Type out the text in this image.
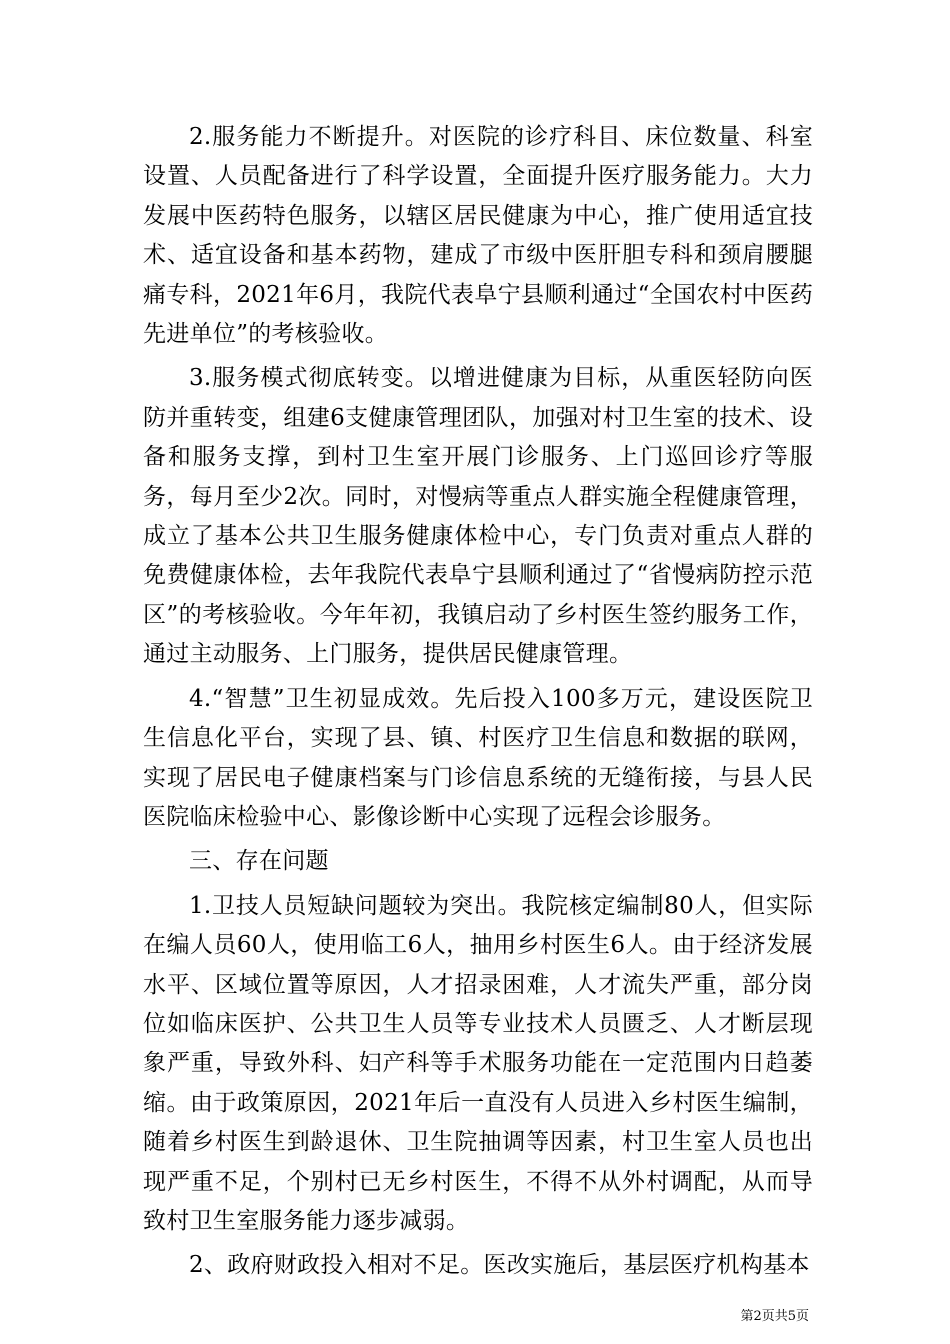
2.服务能力不断提升。对医院的诊疗科目、床位数量、科室设置、人员配备进行了科学设置，全面提升医疗服务能力。大力发展中医药特色服务，以辖区居民健康为中心，推广使用适宜技术、适宜设备和基本药物，建成了市级中医肝胆专科和颈肩腰腿痛专科，2021年6月，我院代表阜宁县顺利通过“全国农村中医药先进单位”的考核验收。

3.服务模式彻底转变。以增进健康为目标，从重医轻防向医防并重转变，组建6支健康管理团队，加强对村卫生室的技术、设备和服务支撑，到村卫生室开展门诊服务、上门巡回诊疗等服务，每月至少2次。同时，对慢病等重点人群实施全程健康管理，成立了基本公共卫生服务健康体检中心，专门负责对重点人群的免费健康体检，去年我院代表阜宁县顺利通过了“省慢病防控示范区”的考核验收。今年年初，我镇启动了乡村医生签约服务工作，通过主动服务、上门服务，提供居民健康管理。

4.“智慧”卫生初显成效。先后投入100多万元，建设医院卫生信息化平台，实现了县、镇、村医疗卫生信息和数据的联网，实现了居民电子健康档案与门诊信息系统的无缝衔接，与县人民医院临床检验中心、影像诊断中心实现了远程会诊服务。

三、存在问题

1.卫技人员短缺问题较为突出。我院核定编制80人，但实际在编人员60人，使用临工6人，抽用乡村医生6人。由于经济发展水平、区域位置等原因，人才招录困难，人才流失严重，部分岗位如临床医护、公共卫生人员等专业技术人员匮乏、人才断层现象严重，导致外科、妇产科等手术服务功能在一定范围内日趋萎缩。由于政策原因，2021年后一直没有人员进入乡村医生编制，随着乡村医生到龄退休、卫生院抽调等因素，村卫生室人员也出现严重不足，个别村已无乡村医生，不得不从外村调配，从而导致村卫生室服务能力逐步减弱。

2、政府财政投入相对不足。医改实施后，基层医疗机构基本

第2页共5页
